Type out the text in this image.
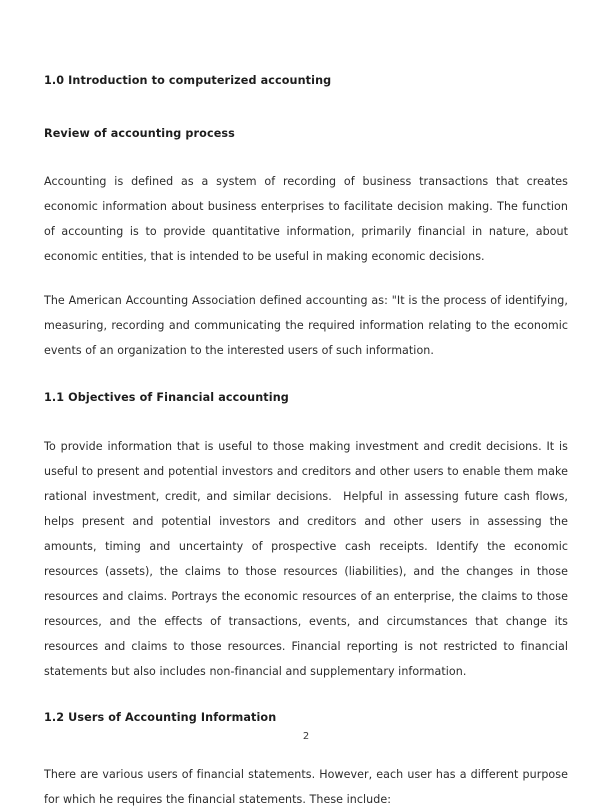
1.0 Introduction to computerized accounting
Review of accounting process
Accounting is defined as a system of recording of business transactions that creates economic information about business enterprises to facilitate decision making. The function of accounting is to provide quantitative information, primarily financial in nature, about economic entities, that is intended to be useful in making economic decisions.
The American Accounting Association defined accounting as: "It is the process of identifying, measuring, recording and communicating the required information relating to the economic events of an organization to the interested users of such information.
1.1 Objectives of Financial accounting
To provide information that is useful to those making investment and credit decisions. It is useful to present and potential investors and creditors and other users to enable them make rational investment, credit, and similar decisions.  Helpful in assessing future cash flows, helps present and potential investors and creditors and other users in assessing the amounts, timing and uncertainty of prospective cash receipts. Identify the economic resources (assets), the claims to those resources (liabilities), and the changes in those resources and claims. Portrays the economic resources of an enterprise, the claims to those resources, and the effects of transactions, events, and circumstances that change its resources and claims to those resources. Financial reporting is not restricted to financial statements but also includes non-financial and supplementary information.
1.2 Users of Accounting Information
There are various users of financial statements. However, each user has a different purpose for which he requires the financial statements. These include:
2
